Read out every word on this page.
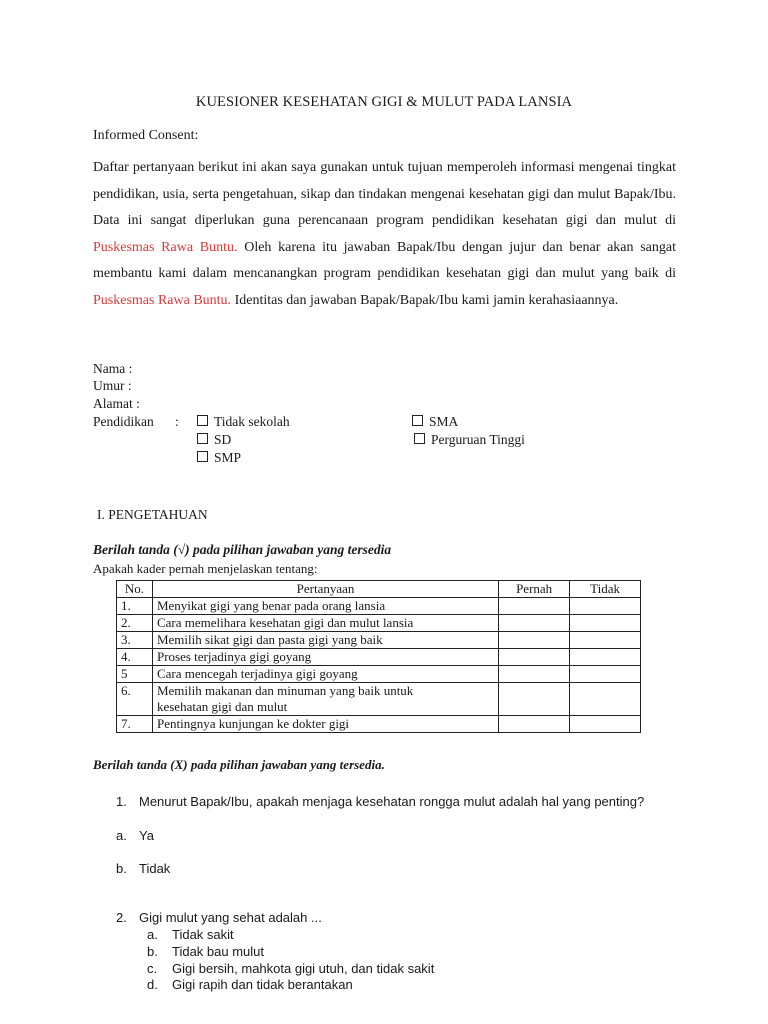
KUESIONER KESEHATAN GIGI & MULUT PADA LANSIA
Informed Consent:
Daftar pertanyaan berikut ini akan saya gunakan untuk tujuan memperoleh informasi mengenai tingkat pendidikan, usia, serta pengetahuan, sikap dan tindakan mengenai kesehatan gigi dan mulut Bapak/Ibu. Data ini sangat diperlukan guna perencanaan program pendidikan kesehatan gigi dan mulut di Puskesmas Rawa Buntu. Oleh karena itu jawaban Bapak/Ibu dengan jujur dan benar akan sangat membantu kami dalam mencanangkan program pendidikan kesehatan gigi dan mulut yang baik di Puskesmas Rawa Buntu. Identitas dan jawaban Bapak/Bapak/Ibu kami jamin kerahasiaannya.
Nama :
Umur :
Alamat :
Pendidikan :	Tidak sekolah
SD
SMP
SMA
Perguruan Tinggi
I. PENGETAHUAN
Berilah tanda (√) pada pilihan jawaban yang tersedia
Apakah kader pernah menjelaskan tentang:
No.	Pertanyaan	Pernah	Tidak
1.	Menyikat gigi yang benar pada orang lansia		
2.	Cara memelihara kesehatan gigi dan mulut lansia		
3.	Memilih sikat gigi dan pasta gigi yang baik		
4.	Proses terjadinya gigi goyang		
5	Cara mencegah terjadinya gigi goyang		
6.	Memilih makanan dan minuman yang baik untuk
kesehatan gigi dan mulut		

7.	Pentingnya kunjungan ke dokter gigi		
Berilah tanda (X) pada pilihan jawaban yang tersedia.
1. Menurut Bapak/Ibu, apakah menjaga kesehatan rongga mulut adalah hal yang penting?
a. Ya
b. Tidak
2. Gigi mulut yang sehat adalah ...
a. Tidak sakit
b. Tidak bau mulut
c. Gigi bersih, mahkota gigi utuh, dan tidak sakit
d. Gigi rapih dan tidak berantakan
